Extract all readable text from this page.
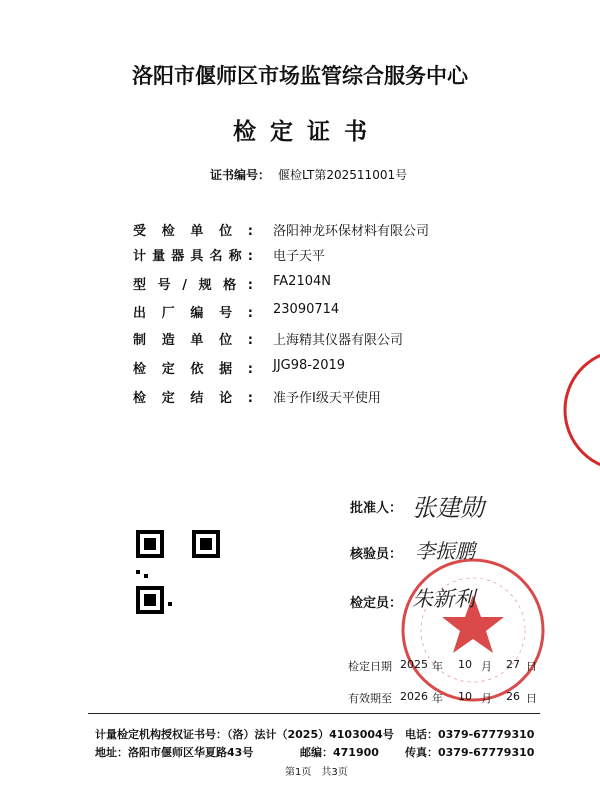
洛阳市偃师区市场监管综合服务中心
检定证书
证书编号： 偃检LT第202511001号
受检单位: 洛阳神龙环保材料有限公司
计量器具名称: 电子天平
型号/规格: FA2104N
出厂编号: 23090714
制造单位: 上海精其仪器有限公司
检定依据: JJG98-2019
检定结论: 准予作I级天平使用
批准人： 张建勋
核验员： 李振鹏
检定员： 朱新利
检定日期 2025 年 10 月 27 日
有效期至 2026 年 10 月 26 日
计量检定机构授权证书号：（洛）法计（2025）4103004号 电话：0379-67779310
地址：洛阳市偃师区华夏路43号	邮编：471900 传真：0379-67779310
第1页　共3页
